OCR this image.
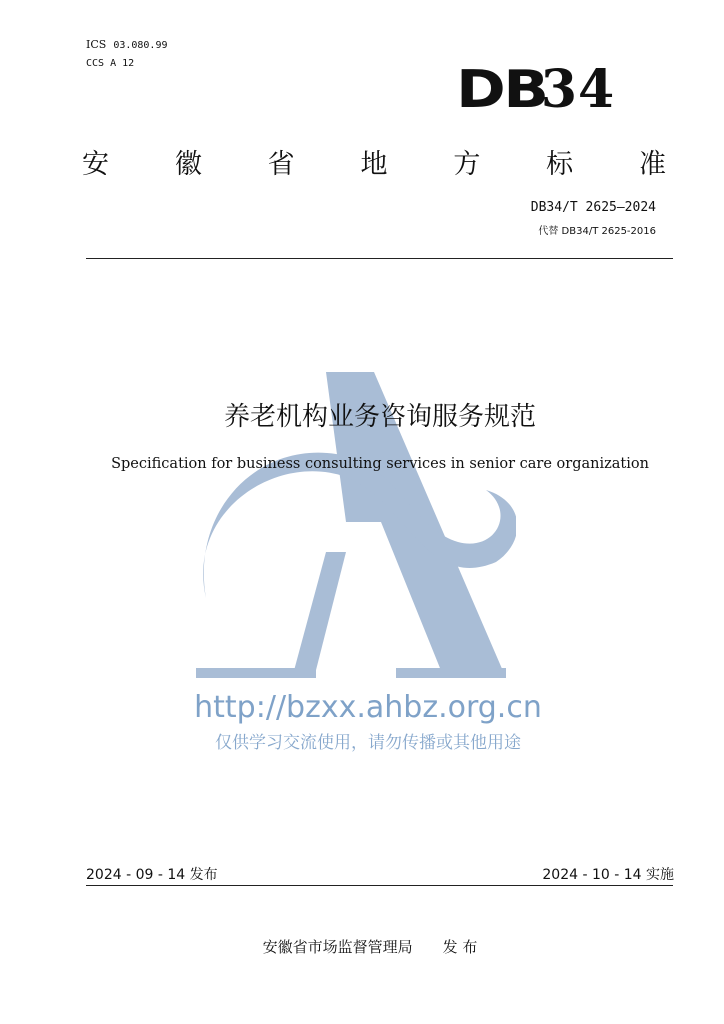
ICS 03.080.99
CCS A 12	DB34
安 徽 省 地 方 标 准
DB34/T 2625—2024
代替 DB34/T 2625-2016
养老机构业务咨询服务规范
Specification for business consulting services in senior care organization
http://bzxx.ahbz.org.cn
仅供学习交流使用，请勿传播或其他用途
2024 - 09 - 14 发布	2024 - 10 - 14 实施
安徽省市场监督管理局　　发 布
